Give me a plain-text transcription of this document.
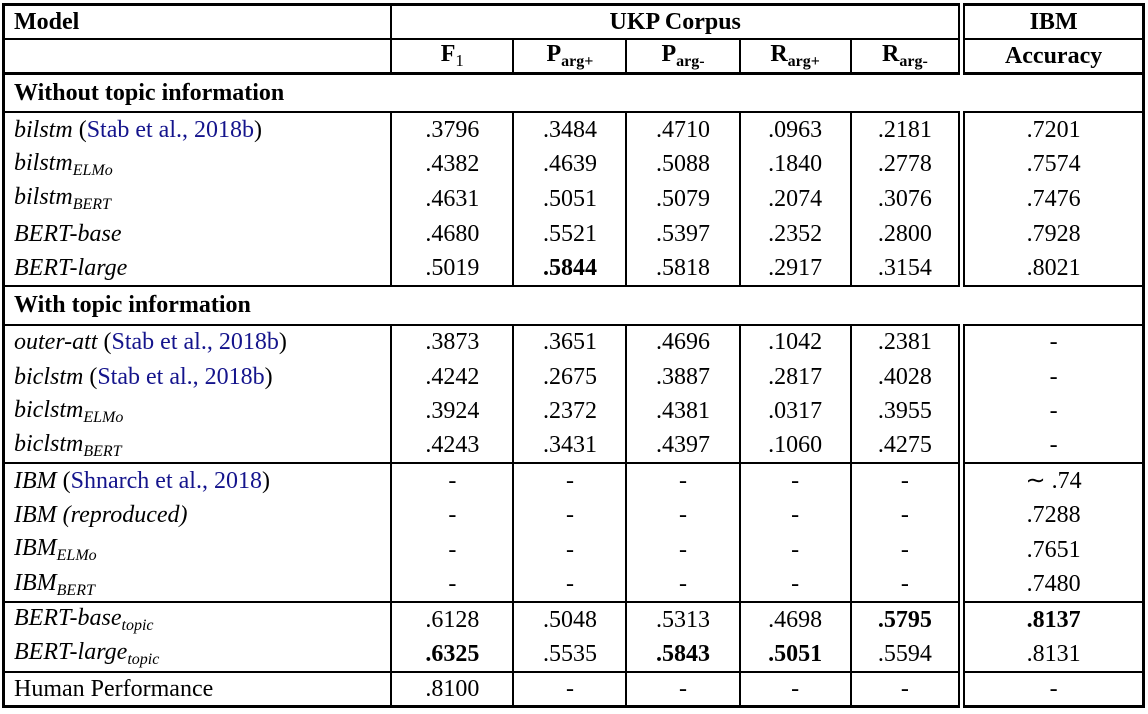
Model	UKP Corpus					IBM
	$F_1$	$P_{arg+}$	$P_{arg-}$	$R_{arg+}$	$R_{arg-}$	Accuracy
Without topic information						
bilstm (Stab et al., 2018b)	.3796	.3484	.4710	.0963	.2181	.7201
bilstm$_{ELMo}$	.4382	.4639	.5088	.1840	.2778	.7574
bilstm$_{BERT}$	.4631	.5051	.5079	.2074	.3076	.7476
BERT-base	.4680	.5521	.5397	.2352	.2800	.7928
BERT-large	.5019	.5844	.5818	.2917	.3154	.8021
With topic information						
outer-att (Stab et al., 2018b)	.3873	.3651	.4696	.1042	.2381	-
biclstm (Stab et al., 2018b)	.4242	.2675	.3887	.2817	.4028	-
biclstm$_{ELMo}$	.3924	.2372	.4381	.0317	.3955	-
biclstm$_{BERT}$	.4243	.3431	.4397	.1060	.4275	-
IBM (Shnarch et al., 2018)	-	-	-	-	-	∼ .74
IBM (reproduced)	-	-	-	-	-	.7288
$IBM_{ELMo}$	-	-	-	-	-	.7651
$IBM_{BERT}$	-	-	-	-	-	.7480
BERT-base$_{topic}$	.6128	.5048	.5313	.4698	.5795	.8137
BERT-large$_{topic}$	.6325	.5535	.5843	.5051	.5594	.8131
Human Performance	.8100	-	-	-	-	-
